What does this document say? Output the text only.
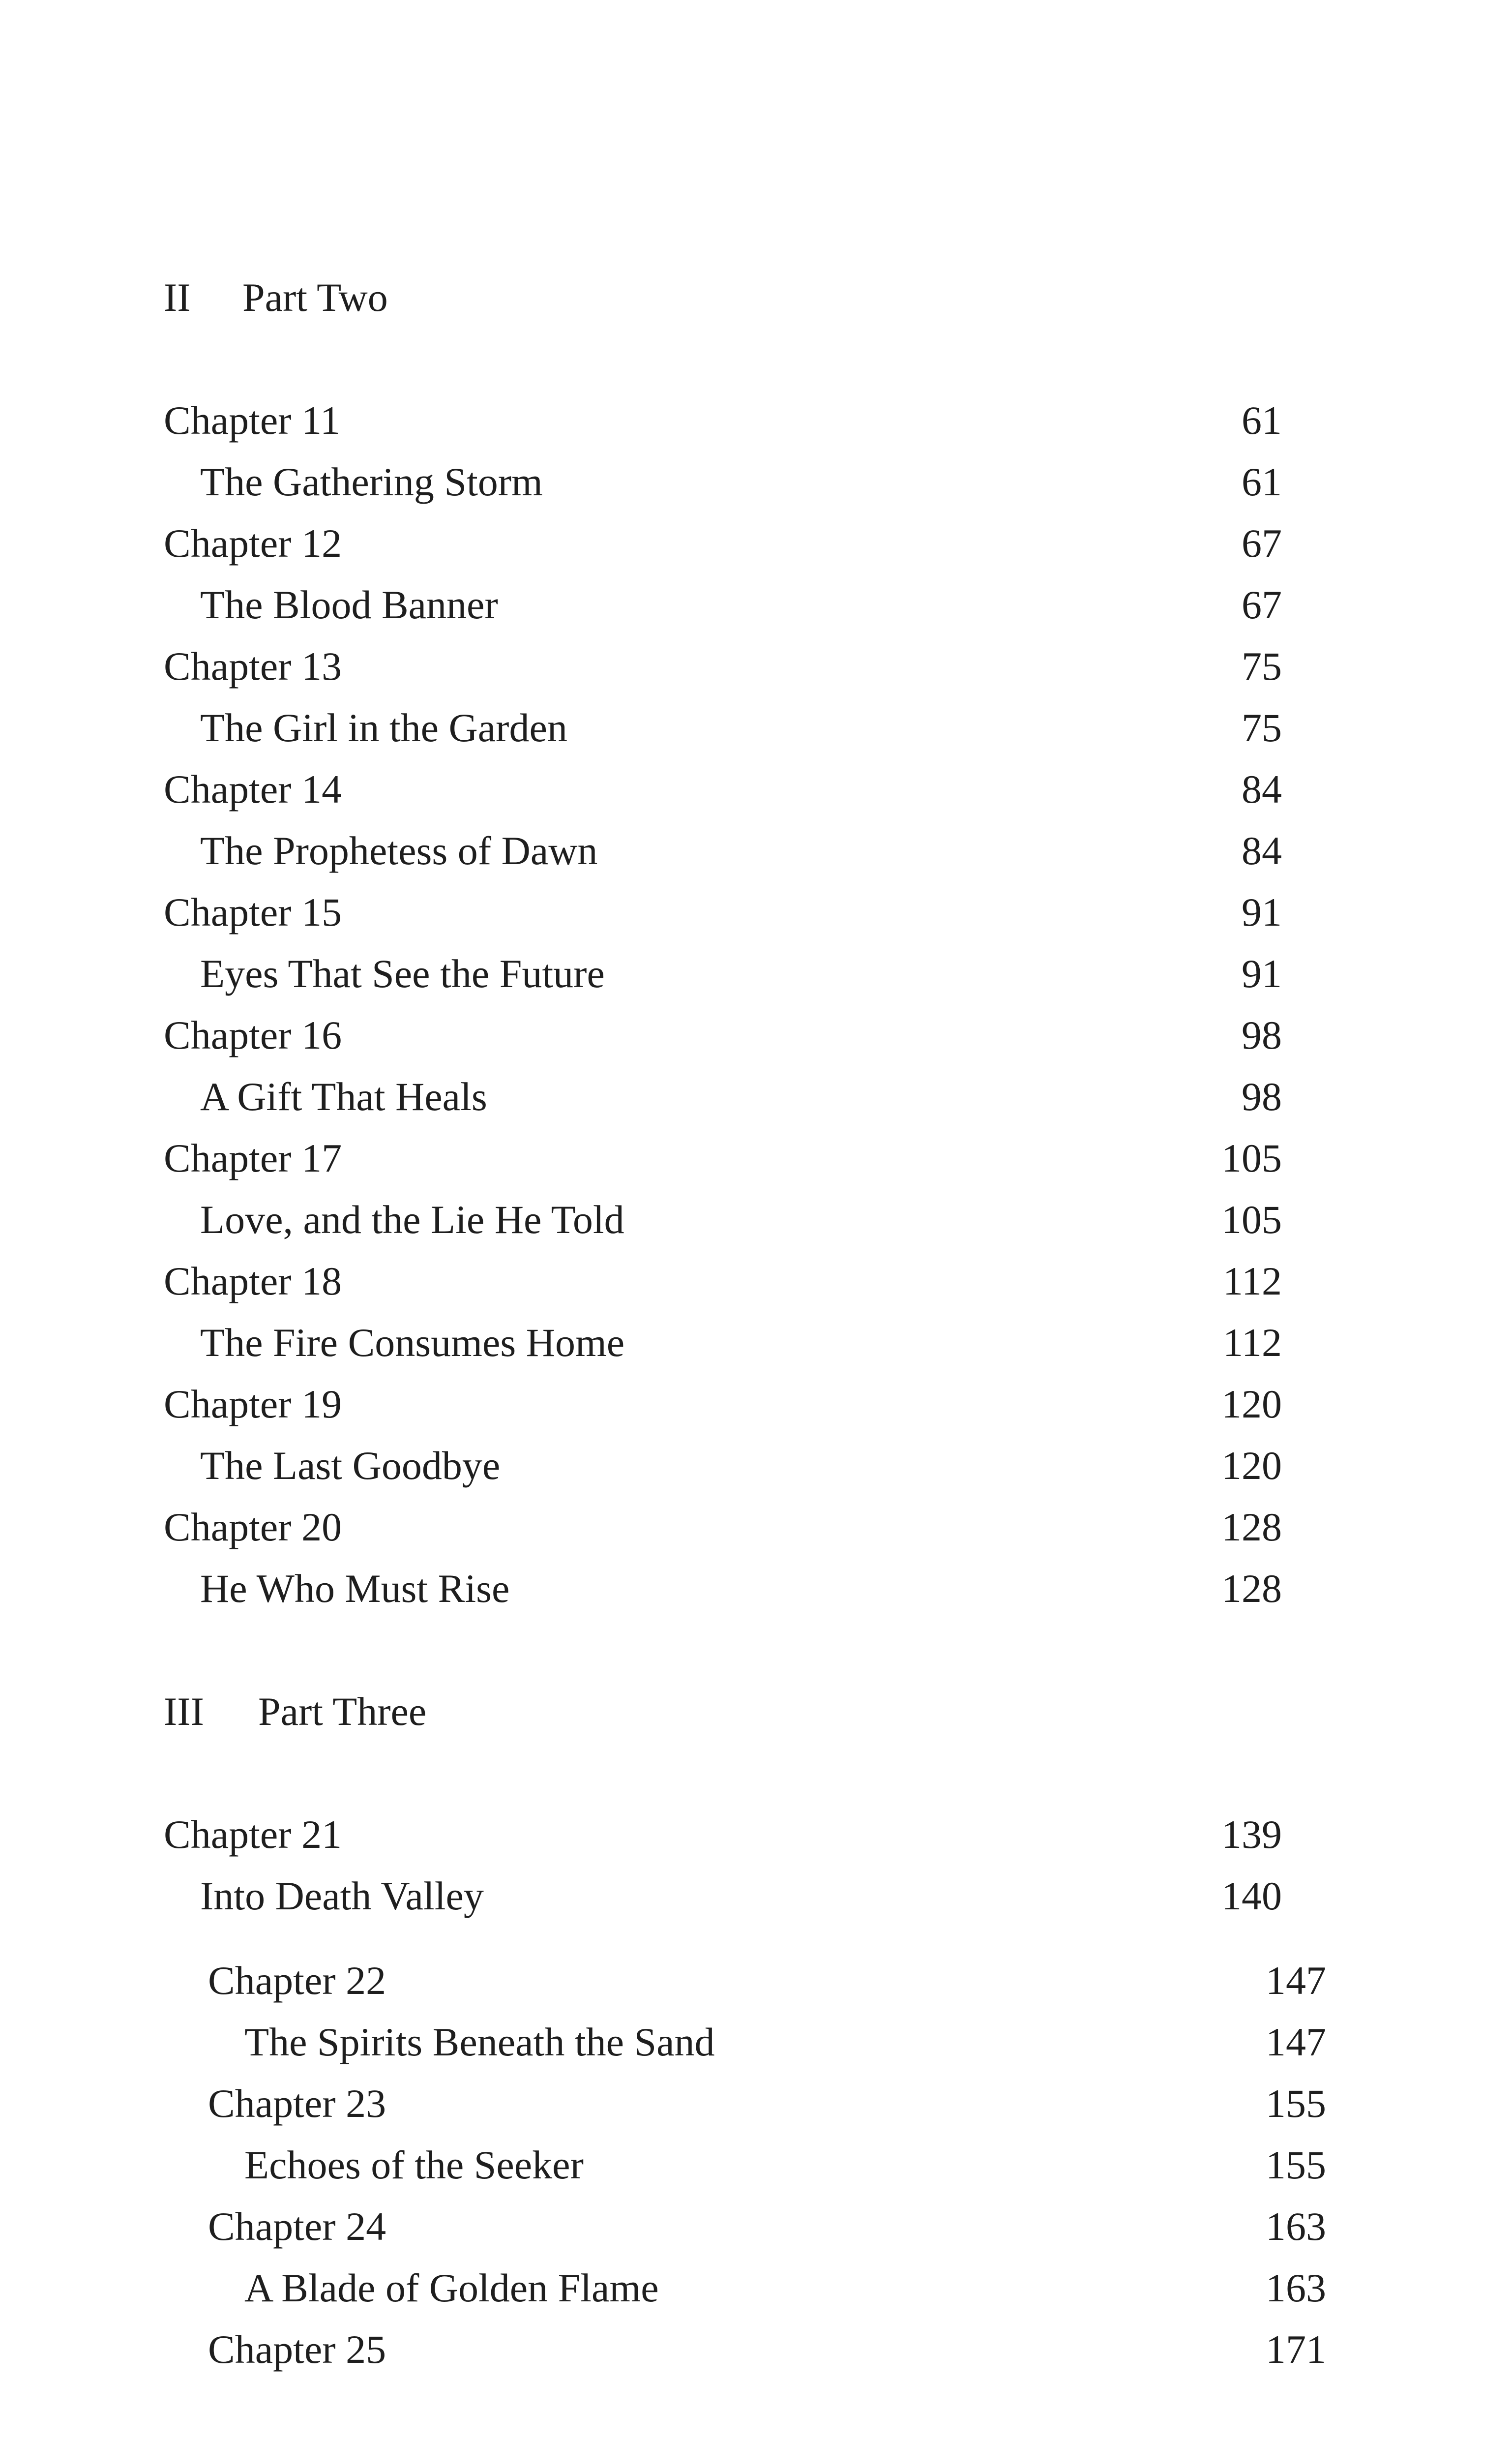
II Part Two
Chapter 11	61
The Gathering Storm	61
Chapter 12	67
The Blood Banner	67
Chapter 13	75
The Girl in the Garden	75
Chapter 14	84
The Prophetess of Dawn	84
Chapter 15	91
Eyes That See the Future	91
Chapter 16	98
A Gift That Heals	98
Chapter 17	105
Love, and the Lie He Told	105
Chapter 18	112
The Fire Consumes Home	112
Chapter 19	120
The Last Goodbye	120
Chapter 20	128
He Who Must Rise	128
III Part Three
Chapter 21	139
Into Death Valley	140
Chapter 22	147
The Spirits Beneath the Sand	147
Chapter 23	155
Echoes of the Seeker	155
Chapter 24	163
A Blade of Golden Flame	163
Chapter 25	171
